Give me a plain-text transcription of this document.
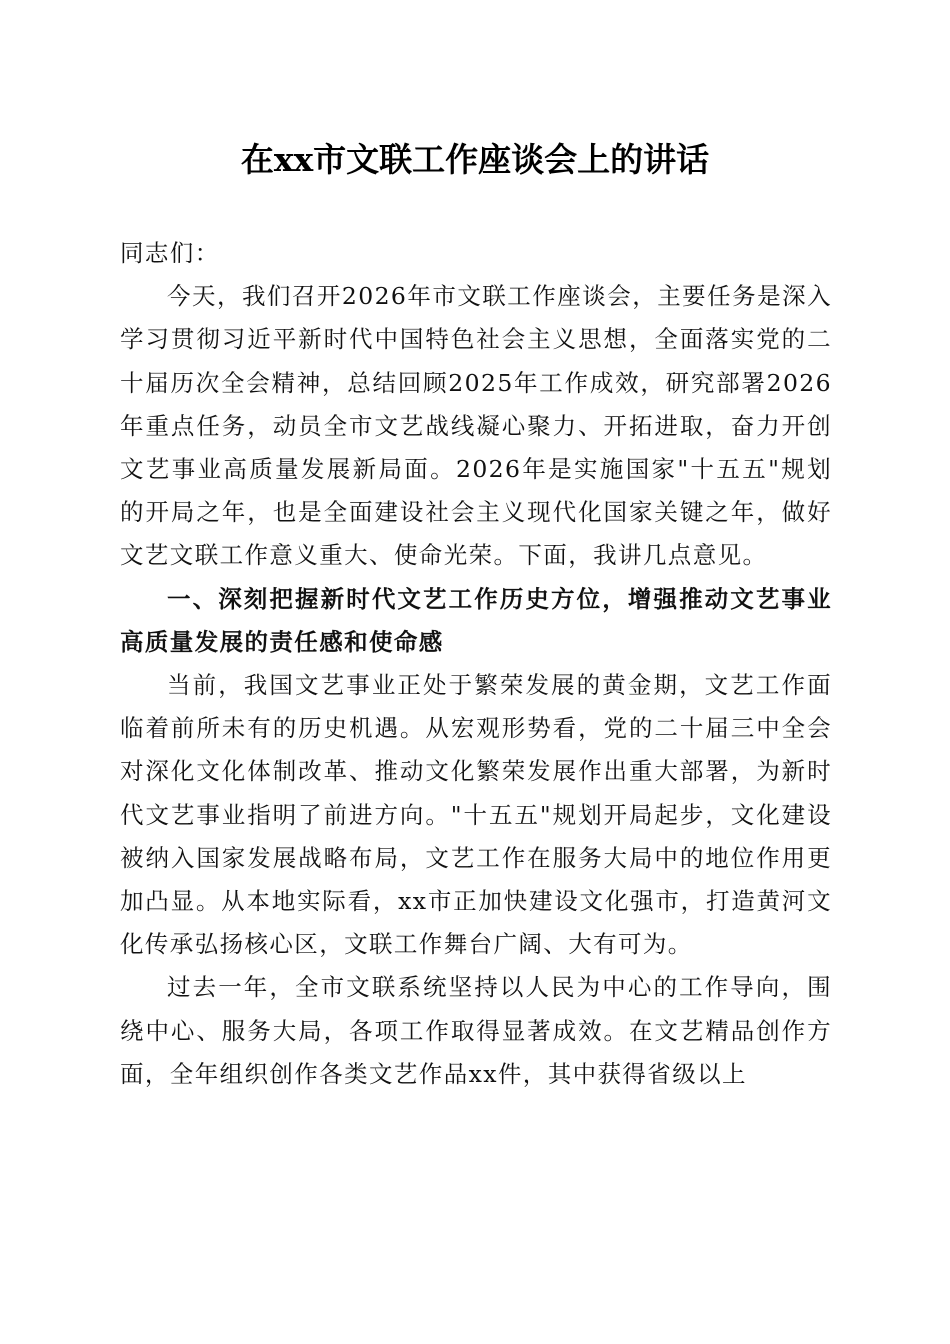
在xx市文联工作座谈会上的讲话

同志们：

今天，我们召开2026年市文联工作座谈会，主要任务是深入学习贯彻习近平新时代中国特色社会主义思想，全面落实党的二十届历次全会精神，总结回顾2025年工作成效，研究部署2026年重点任务，动员全市文艺战线凝心聚力、开拓进取，奋力开创文艺事业高质量发展新局面。2026年是实施国家"十五五"规划的开局之年，也是全面建设社会主义现代化国家关键之年，做好文艺文联工作意义重大、使命光荣。下面，我讲几点意见。

一、深刻把握新时代文艺工作历史方位，增强推动文艺事业高质量发展的责任感和使命感

当前，我国文艺事业正处于繁荣发展的黄金期，文艺工作面临着前所未有的历史机遇。从宏观形势看，党的二十届三中全会对深化文化体制改革、推动文化繁荣发展作出重大部署，为新时代文艺事业指明了前进方向。"十五五"规划开局起步，文化建设被纳入国家发展战略布局，文艺工作在服务大局中的地位作用更加凸显。从本地实际看，xx市正加快建设文化强市，打造黄河文化传承弘扬核心区，文联工作舞台广阔、大有可为。

过去一年，全市文联系统坚持以人民为中心的工作导向，围绕中心、服务大局，各项工作取得显著成效。在文艺精品创作方面，全年组织创作各类文艺作品xx件，其中获得省级以上
